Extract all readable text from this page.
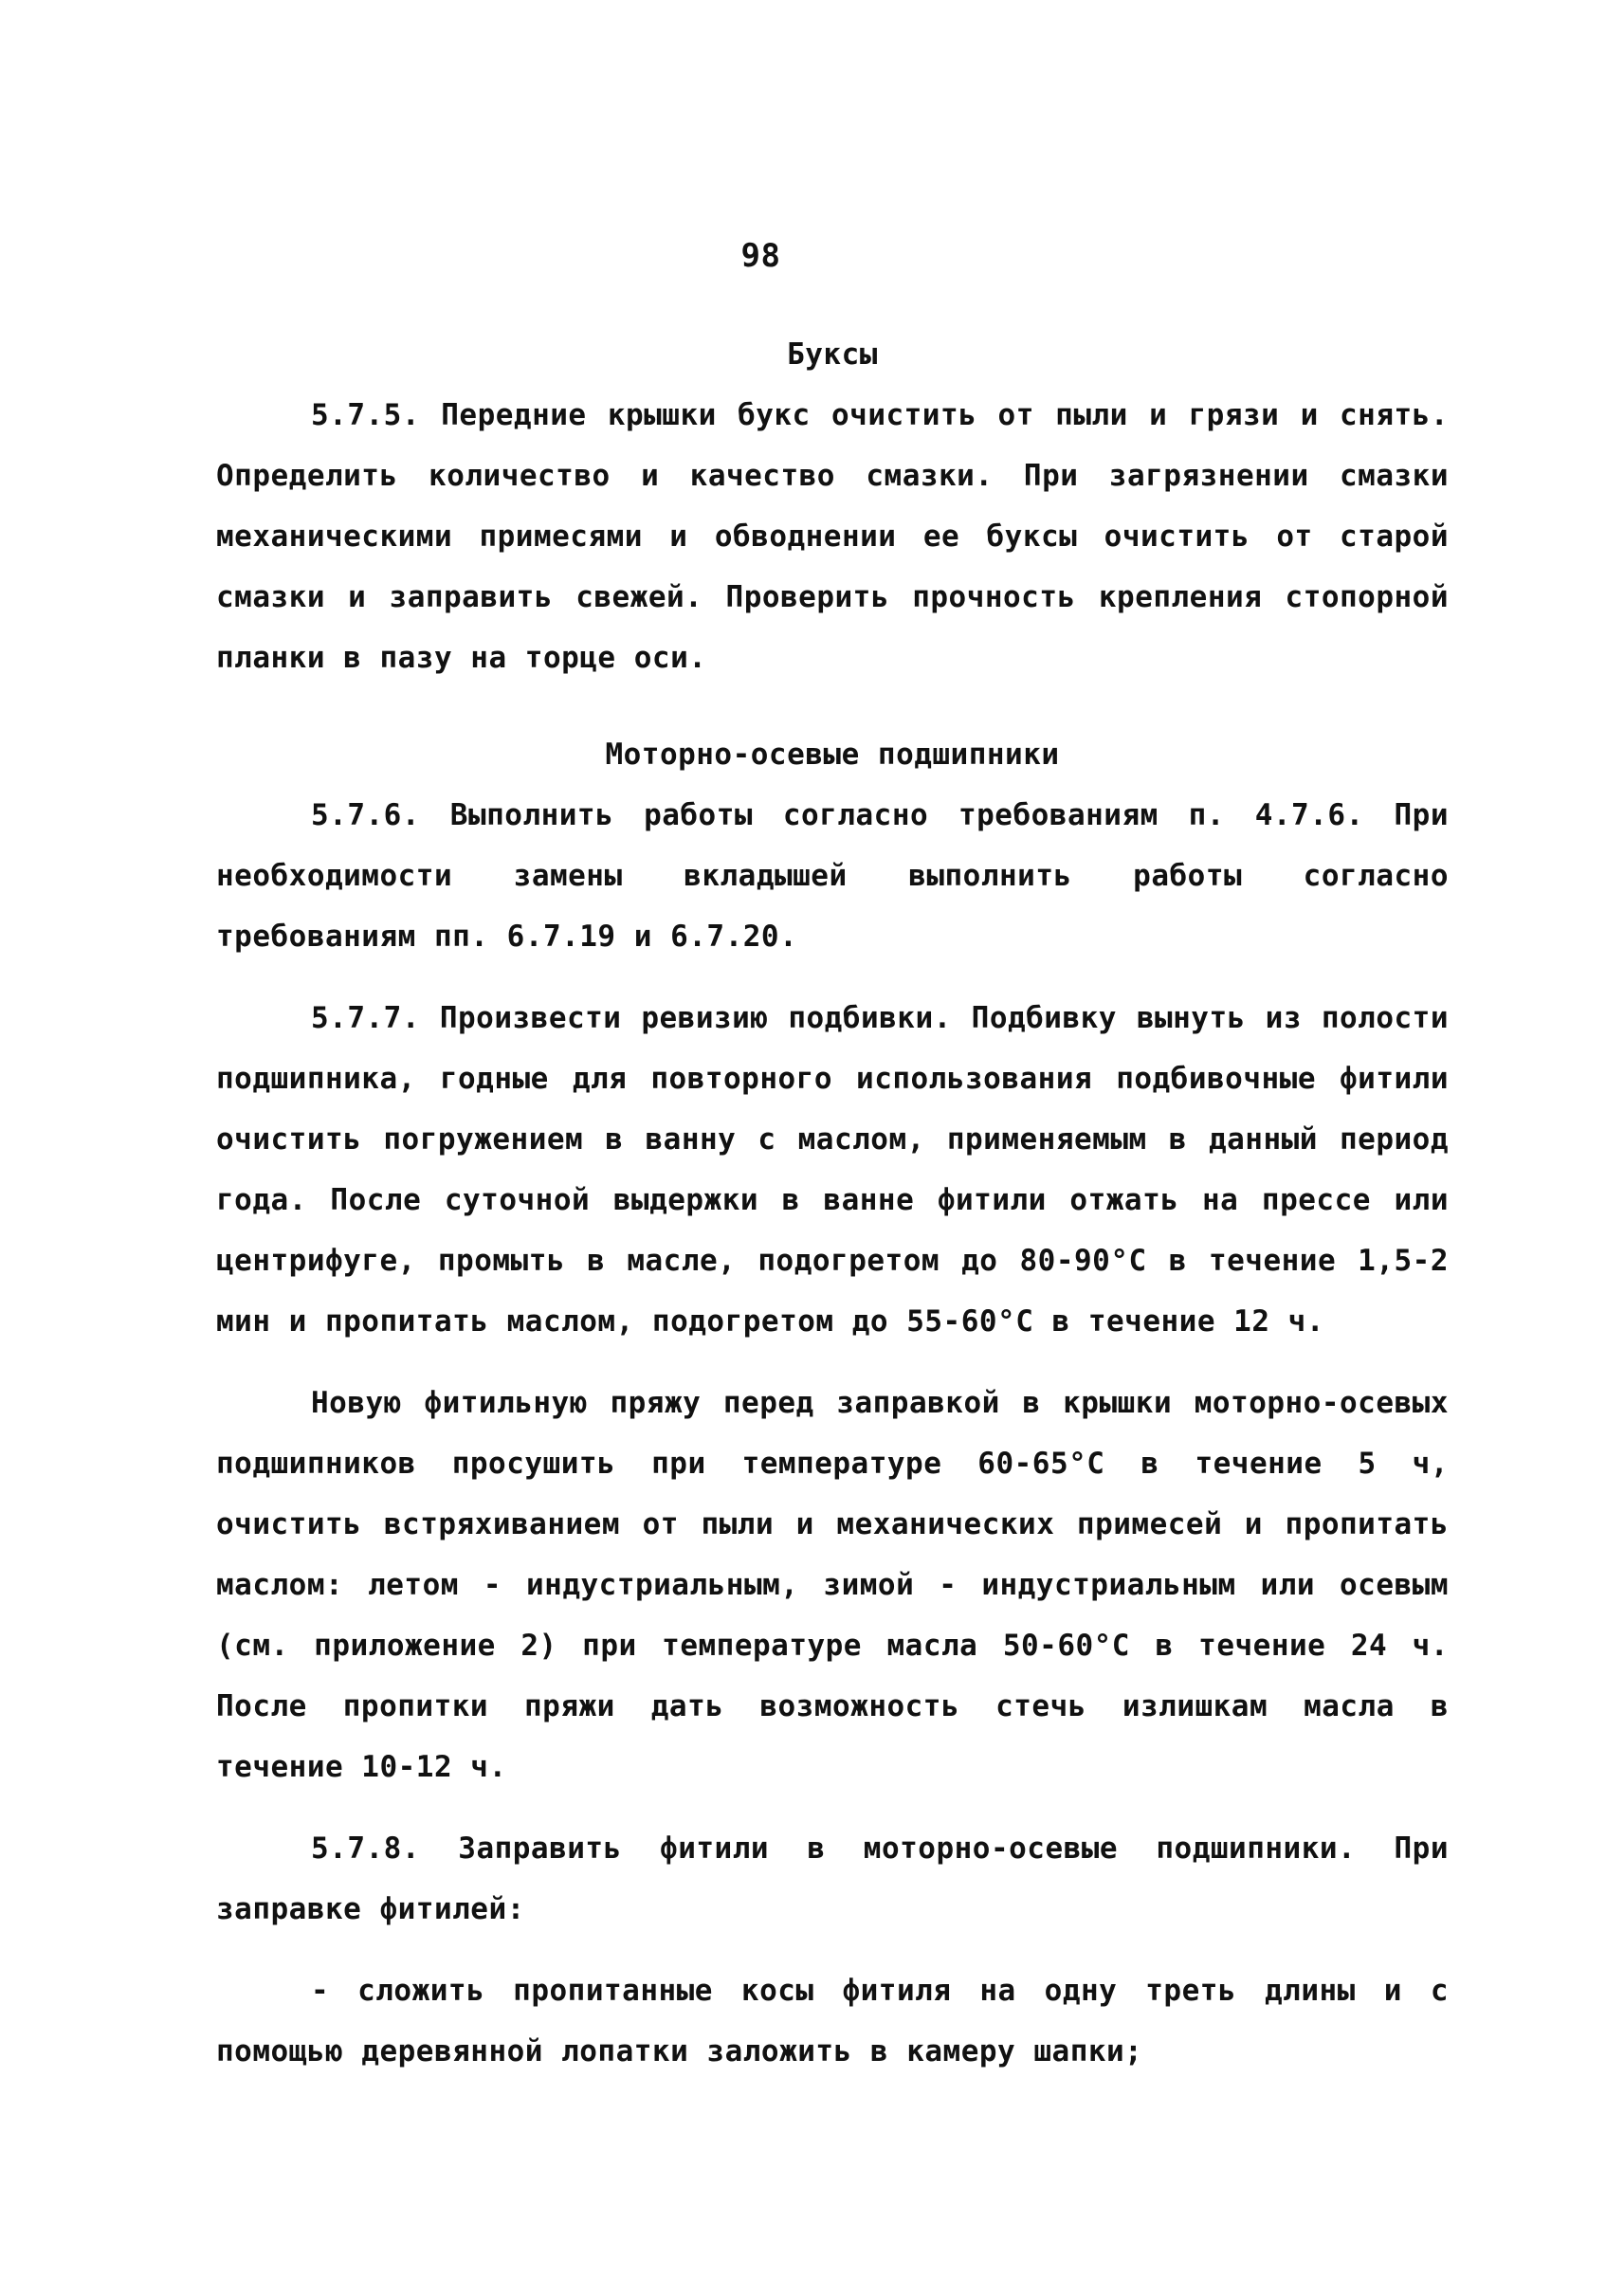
98

Буксы

5.7.5. Передние крышки букс очистить от пыли и грязи и снять. Определить количество и качество смазки. При загрязнении смазки механическими примесями и обводнении ее буксы очистить от старой смазки и заправить свежей. Проверить прочность крепления стопорной планки в пазу на торце оси.

Моторно-осевые подшипники

5.7.6. Выполнить работы согласно требованиям п. 4.7.6. При необходимости замены вкладышей выполнить работы согласно требованиям пп. 6.7.19 и 6.7.20.

5.7.7. Произвести ревизию подбивки. Подбивку вынуть из полости подшипника, годные для повторного использования подбивочные фитили очистить погружением в ванну с маслом, применяемым в данный период года. После суточной выдержки в ванне фитили отжать на прессе или центрифуге, промыть в масле, подогретом до 80-90°С в течение 1,5-2 мин и пропитать маслом, подогретом до 55-60°С в течение 12 ч.

Новую фитильную пряжу перед заправкой в крышки моторно-осевых подшипников просушить при температуре 60-65°С в течение 5 ч, очистить встряхиванием от пыли и механических примесей и пропитать маслом: летом - индустриальным, зимой - индустриальным или осевым (см. приложение 2) при температуре масла 50-60°С в течение 24 ч. После пропитки пряжи дать возможность стечь излишкам масла в течение 10-12 ч.

5.7.8. Заправить фитили в моторно-осевые подшипники. При заправке фитилей:

- сложить пропитанные косы фитиля на одну треть длины и с помощью деревянной лопатки заложить в камеру шапки;
